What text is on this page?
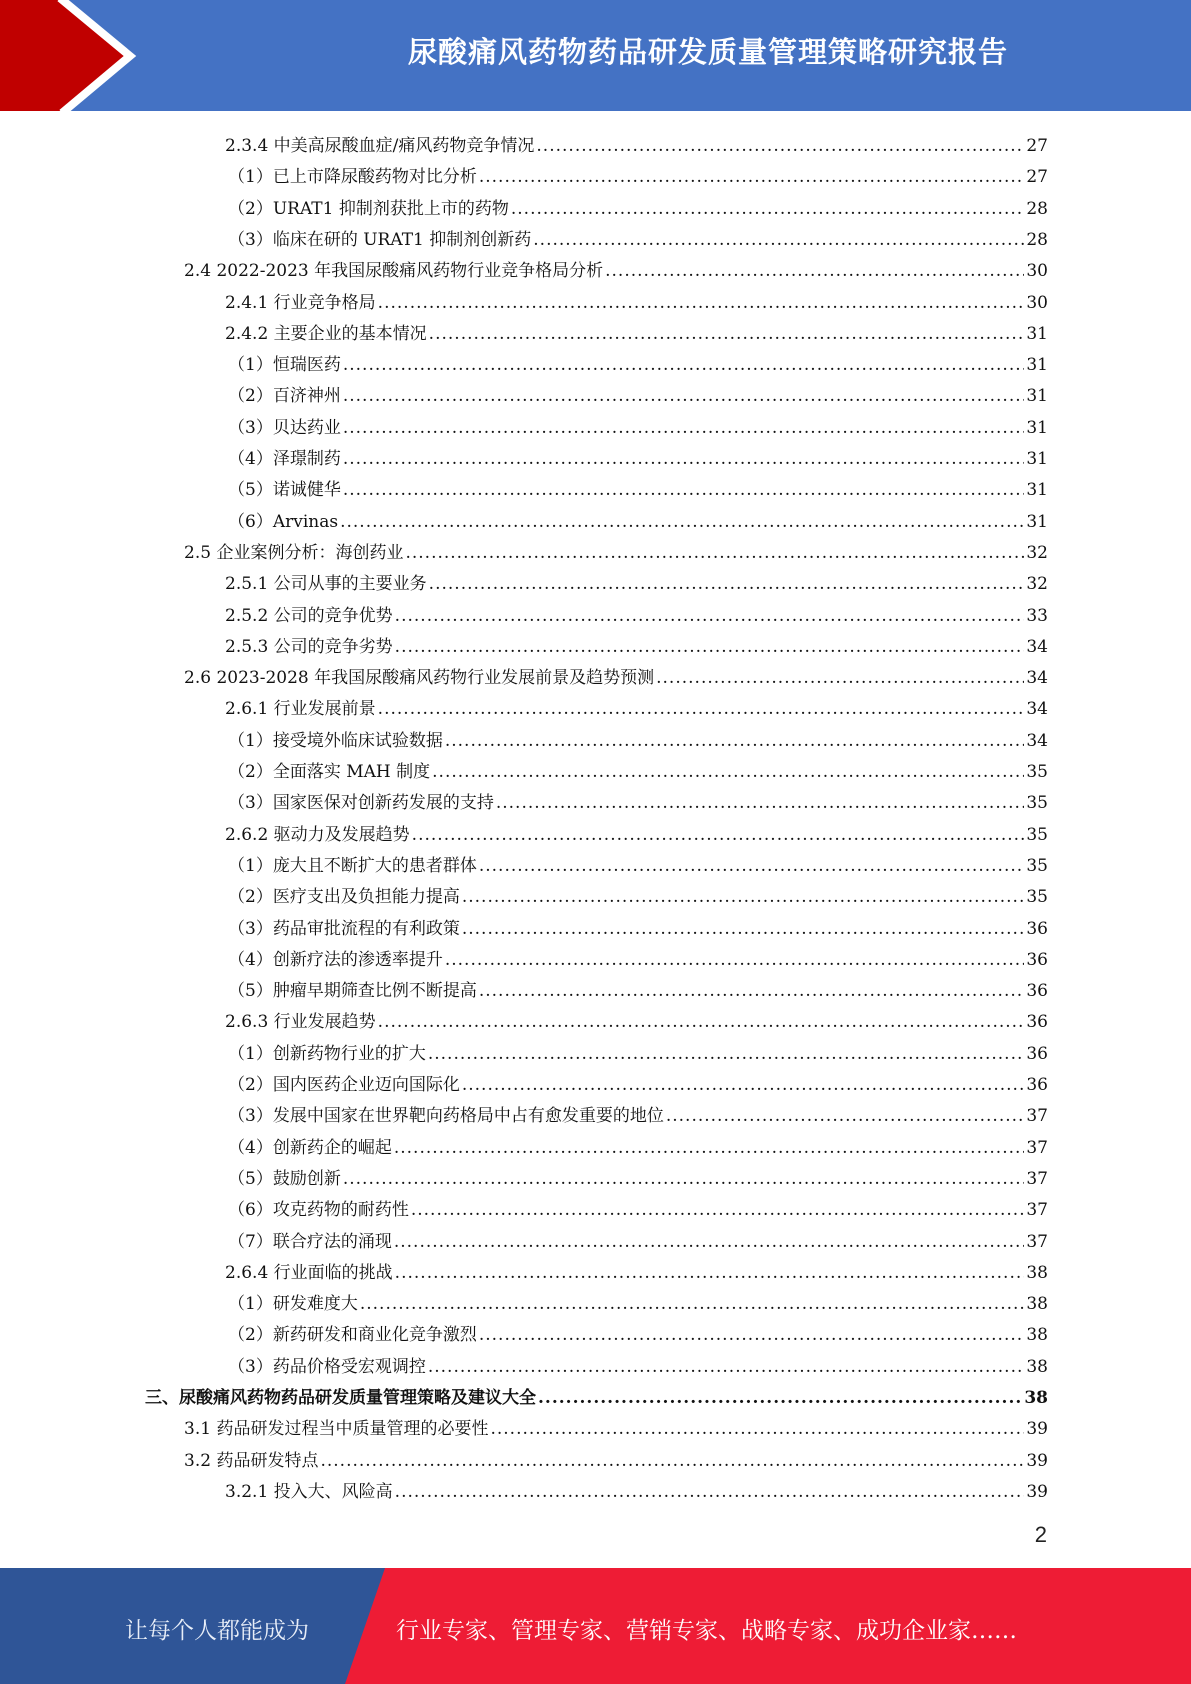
尿酸痛风药物药品研发质量管理策略研究报告
2.3.4 中美高尿酸血症/痛风药物竞争情况 .....	27
（1）已上市降尿酸药物对比分析 .....	27
（2）URAT1 抑制剂获批上市的药物 .....	28
（3）临床在研的 URAT1 抑制剂创新药 .....	28
2.4 2022-2023 年我国尿酸痛风药物行业竞争格局分析 .....	30
2.4.1 行业竞争格局 .....	30
2.4.2 主要企业的基本情况 .....	31
（1）恒瑞医药 .....	31
（2）百济神州 .....	31
（3）贝达药业 .....	31
（4）泽璟制药 .....	31
（5）诺诚健华 .....	31
（6）Arvinas .....	31
2.5 企业案例分析：海创药业 .....	32
2.5.1 公司从事的主要业务 .....	32
2.5.2 公司的竞争优势 .....	33
2.5.3 公司的竞争劣势 .....	34
2.6 2023-2028 年我国尿酸痛风药物行业发展前景及趋势预测 .....	34
2.6.1 行业发展前景 .....	34
（1）接受境外临床试验数据 .....	34
（2）全面落实 MAH 制度 .....	35
（3）国家医保对创新药发展的支持 .....	35
2.6.2 驱动力及发展趋势 .....	35
（1）庞大且不断扩大的患者群体 .....	35
（2）医疗支出及负担能力提高 .....	35
（3）药品审批流程的有利政策 .....	36
（4）创新疗法的渗透率提升 .....	36
（5）肿瘤早期筛查比例不断提高 .....	36
2.6.3 行业发展趋势 .....	36
（1）创新药物行业的扩大 .....	36
（2）国内医药企业迈向国际化 .....	36
（3）发展中国家在世界靶向药格局中占有愈发重要的地位 .....	37
（4）创新药企的崛起 .....	37
（5）鼓励创新 .....	37
（6）攻克药物的耐药性 .....	37
（7）联合疗法的涌现 .....	37
2.6.4 行业面临的挑战 .....	38
（1）研发难度大 .....	38
（2）新药研发和商业化竞争激烈 .....	38
（3）药品价格受宏观调控 .....	38
三、尿酸痛风药物药品研发质量管理策略及建议大全 .....	38
3.1 药品研发过程当中质量管理的必要性 .....	39
3.2 药品研发特点 .....	39
3.2.1 投入大、风险高 .....	39
2
让每个人都能成为	行业专家、管理专家、营销专家、战略专家、成功企业家……
